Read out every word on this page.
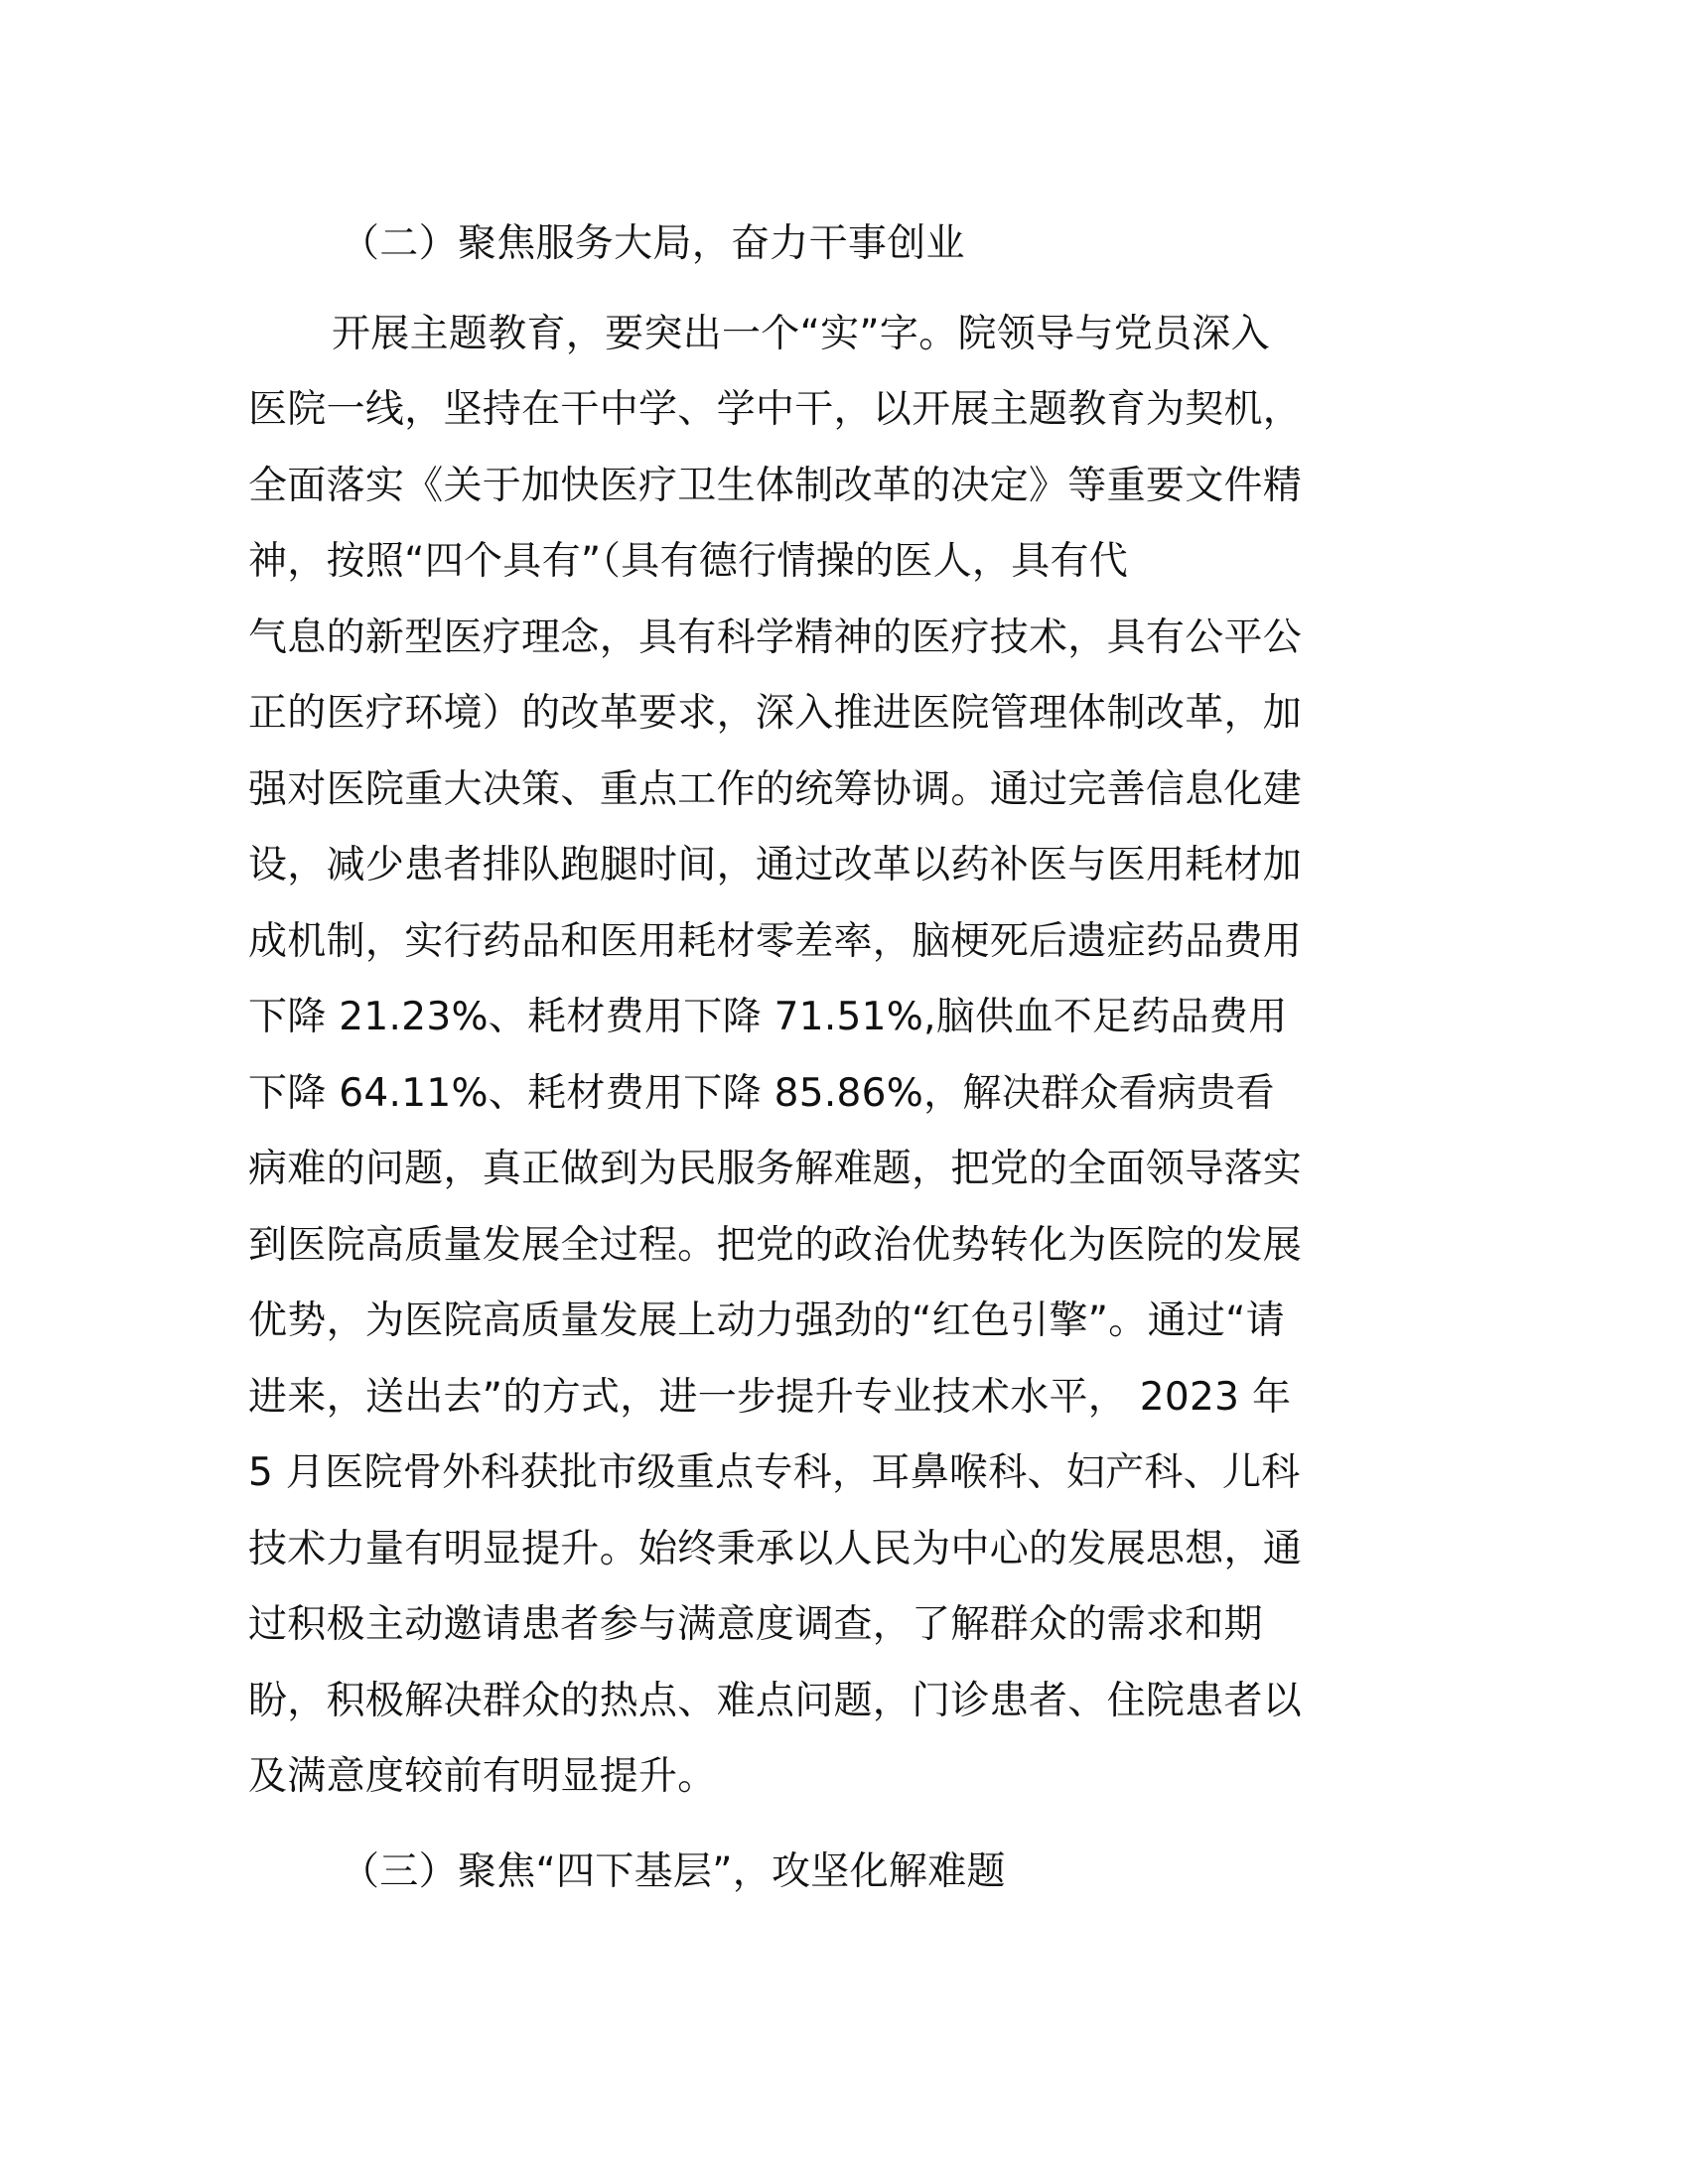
（二）聚焦服务大局，奋力干事创业
开展主题教育，要突出一个“实”字。院领导与党员深入
医院一线，坚持在干中学、学中干，以开展主题教育为契机，
全面落实《关于加快医疗卫生体制改革的决定》等重要文件精
神，按照“四个具有”（具有德行情操的医人，具有代
气息的新型医疗理念，具有科学精神的医疗技术，具有公平公
正的医疗环境）的改革要求，深入推进医院管理体制改革，加
强对医院重大决策、重点工作的统筹协调。通过完善信息化建
设，减少患者排队跑腿时间，通过改革以药补医与医用耗材加
成机制，实行药品和医用耗材零差率，脑梗死后遗症药品费用
下降 21.23%、耗材费用下降 71.51%,脑供血不足药品费用
下降 64.11%、耗材费用下降 85.86%，解决群众看病贵看
病难的问题，真正做到为民服务解难题，把党的全面领导落实
到医院高质量发展全过程。把党的政治优势转化为医院的发展
优势，为医院高质量发展上动力强劲的“红色引擎”。通过“请
进来，送出去”的方式，进一步提升专业技术水平， 2023 年
5 月医院骨外科获批市级重点专科，耳鼻喉科、妇产科、儿科
技术力量有明显提升。始终秉承以人民为中心的发展思想，通
过积极主动邀请患者参与满意度调查，了解群众的需求和期
盼，积极解决群众的热点、难点问题，门诊患者、住院患者以
及满意度较前有明显提升。
（三）聚焦“四下基层”，攻坚化解难题
